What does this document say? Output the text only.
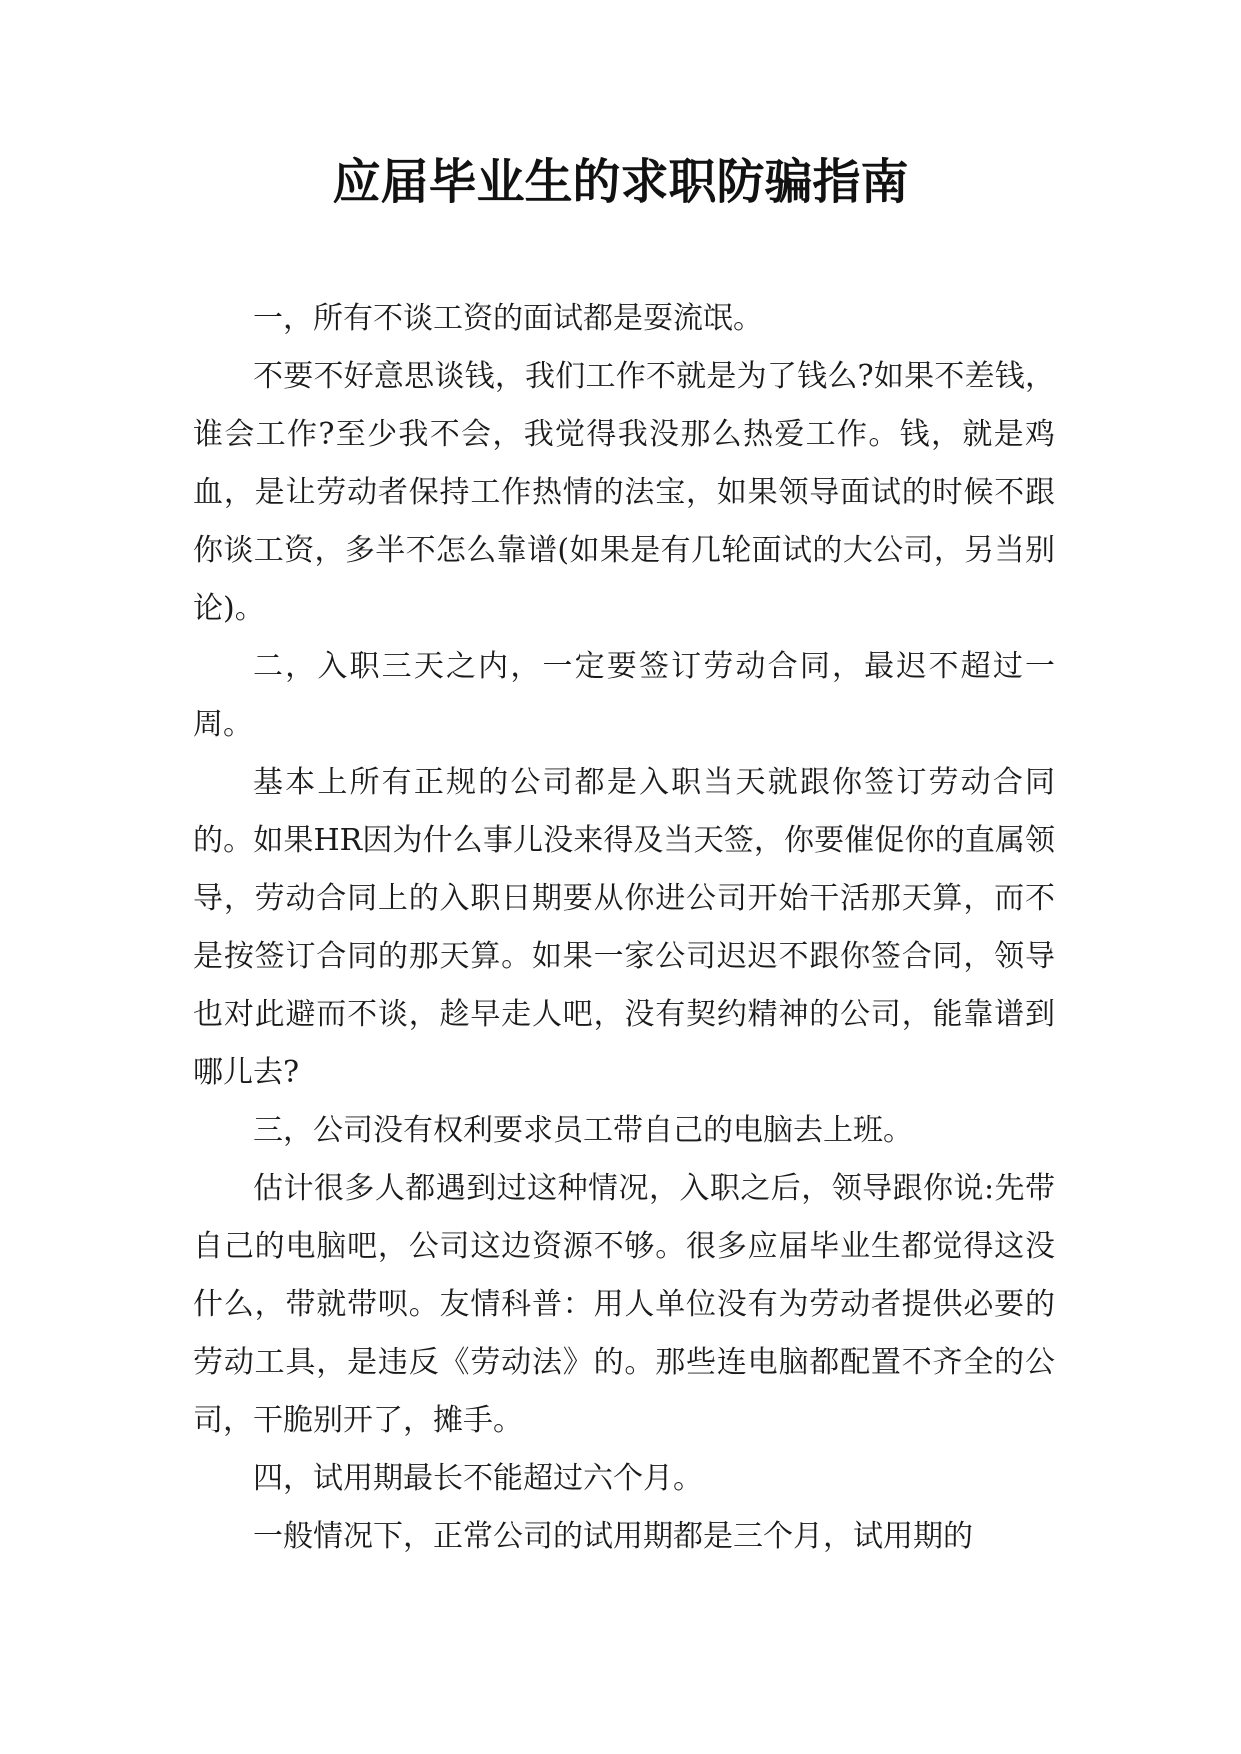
应届毕业生的求职防骗指南

一，所有不谈工资的面试都是耍流氓。

不要不好意思谈钱，我们工作不就是为了钱么?如果不差钱，谁会工作?至少我不会，我觉得我没那么热爱工作。钱，就是鸡血，是让劳动者保持工作热情的法宝，如果领导面试的时候不跟你谈工资，多半不怎么靠谱(如果是有几轮面试的大公司，另当别论)。

二，入职三天之内，一定要签订劳动合同，最迟不超过一周。

基本上所有正规的公司都是入职当天就跟你签订劳动合同的。如果HR因为什么事儿没来得及当天签，你要催促你的直属领导，劳动合同上的入职日期要从你进公司开始干活那天算，而不是按签订合同的那天算。如果一家公司迟迟不跟你签合同，领导也对此避而不谈，趁早走人吧，没有契约精神的公司，能靠谱到哪儿去?

三，公司没有权利要求员工带自己的电脑去上班。

估计很多人都遇到过这种情况，入职之后，领导跟你说:先带自己的电脑吧，公司这边资源不够。很多应届毕业生都觉得这没什么，带就带呗。友情科普：用人单位没有为劳动者提供必要的劳动工具，是违反《劳动法》的。那些连电脑都配置不齐全的公司，干脆别开了，摊手。

四，试用期最长不能超过六个月。

一般情况下，正常公司的试用期都是三个月，试用期的
